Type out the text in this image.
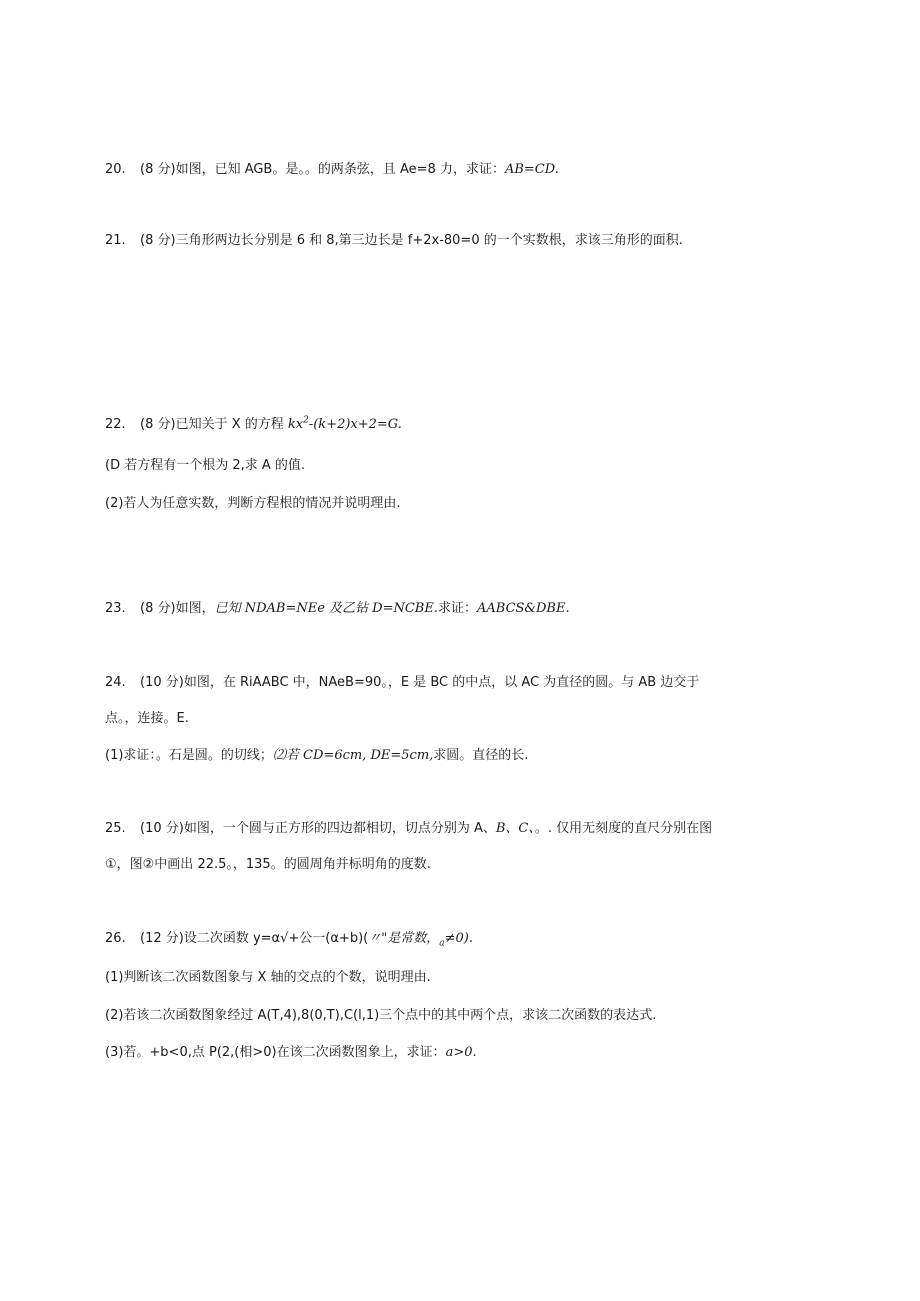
20. (8 分)如图，已知 AGB。是。。的两条弦，且 Ae=8 力，求证：AB=CD.
21. (8 分)三角形两边长分别是 6 和 8,第三边长是 f+2x-80=0 的一个实数根，求该三角形的面积.
22. (8 分)已知关于 X 的方程 $kx^2-(k+2)x+2=G$.
(D 若方程有一个根为 2,求 A 的值.
(2)若人为任意实数，判断方程根的情况并说明理由.
23. (8 分)如图，已知 NDAB=NEe 及乙钻 D=NCBE.求证：AABCS&DBE.
24. (10 分)如图，在 RiAABC 中，NAeB=90。，E 是 BC 的中点，以 AC 为直径的圆。与 AB 边交于
点。，连接。E.
(1)求证：。石是圆。的切线；⑵若 CD=6cm, DE=5cm,求圆。直径的长.
25. (10 分)如图，一个圆与正方形的四边都相切，切点分别为 A、B、C、。. 仅用无刻度的直尺分别在图
①，图②中画出 22.5。，135。的圆周角并标明角的度数.
26. (12 分)设二次函数 y=α√+公一(α+b)(〃"是常数，$_a$≠0).
(1)判断该二次函数图象与 X 轴的交点的个数，说明理由.
(2)若该二次函数图象经过 A(T,4),8(0,T),C(l,1)三个点中的其中两个点，求该二次函数的表达式.
(3)若。+b<0,点 P(2,(相>0)在该二次函数图象上，求证：a>0.
